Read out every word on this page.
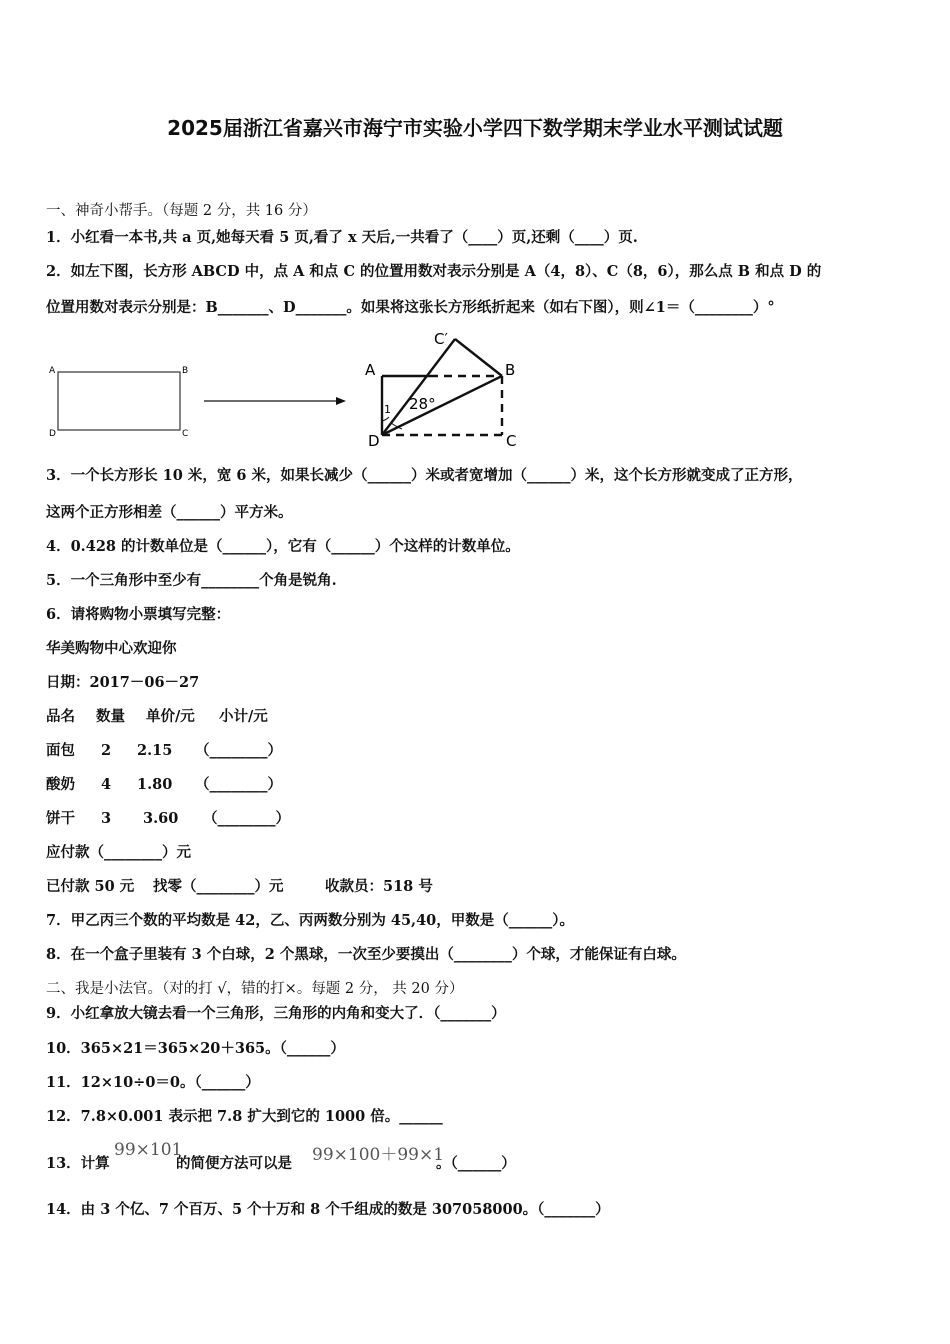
2025届浙江省嘉兴市海宁市实验小学四下数学期末学业水平测试试题
一、神奇小帮手。（每题 2 分，共 16 分）
1．小红看一本书,共 a 页,她每天看 5 页,看了 x 天后,一共看了（____）页,还剩（____）页.
2．如左下图，长方形 ABCD 中，点 A 和点 C 的位置用数对表示分别是 A（4，8）、C（8，6），那么点 B 和点 D 的
位置用数对表示分别是：B_______、D_______。如果将这张长方形纸折起来（如右下图），则∠1＝（________）°
A	B
D	C
C′
A	B
1 28°
D	C
3．一个长方形长 10 米，宽 6 米，如果长减少（______）米或者宽增加（______）米，这个长方形就变成了正方形，
这两个正方形相差（______）平方米。
4．0.428 的计数单位是（______），它有（______）个这样的计数单位。
5．一个三角形中至少有________个角是锐角.
6．请将购物小票填写完整：
华美购物中心欢迎你
日期：2017－06－27
品名 数量 单价/元 小计/元
面包 2 2.15 （________）
酸奶 4 1.80 （________）
饼干 3 3.60 （________）
应付款（________）元
已付款 50 元 找零（________）元	收款员：518 号
7．甲乙丙三个数的平均数是 42，乙、丙两数分别为 45,40，甲数是（______）。
8．在一个盒子里装有 3 个白球，2 个黑球，一次至少要摸出（________）个球，才能保证有白球。
二、我是小法官。（对的打 √，错的打×。每题 2 分， 共 20 分）
9．小红拿放大镜去看一个三角形，三角形的内角和变大了．（_______）
10．365×21＝365×20＋365。（______）
11．12×10÷0＝0。（______）
12．7.8×0.001 表示把 7.8 扩大到它的 1000 倍。______
13．计算
99×101
的简便方法可以是 99×100＋99×1
。（______）
14．由 3 个亿、7 个百万、5 个十万和 8 个千组成的数是 307058000。（_______）
